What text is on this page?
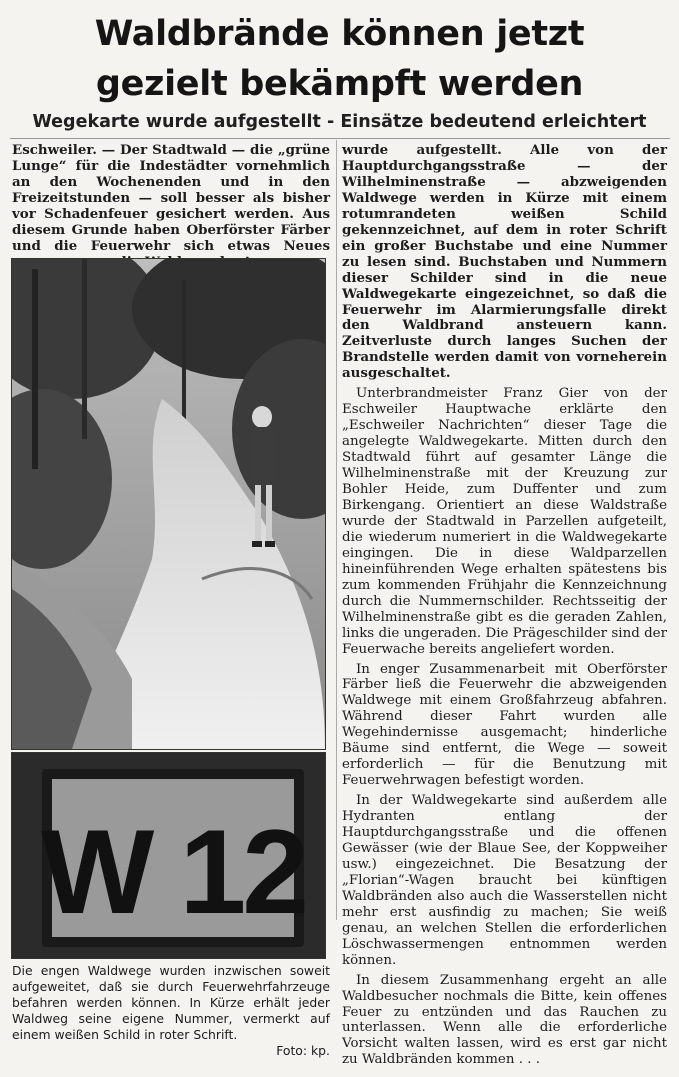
Waldbrände können jetzt
gezielt bekämpft werden
Wegekarte wurde aufgestellt - Einsätze bedeutend erleichtert

Eschweiler. — Der Stadtwald — die „grüne Lunge“ für die Indestädter vornehmlich an den Wochenenden und in den Freizeitstunden — soll besser als bisher vor Schadenfeuer gesichert werden. Aus diesem Grunde haben Oberförster Färber und die Feuerwehr sich etwas Neues

wurde aufgestellt. Alle von der Hauptdurchgangsstraße — der Wilhelminenstraße — abzweigenden Waldwege werden in Kürze mit einem rotumrandeten weißen Schild gekennzeichnet, auf dem in roter Schrift ein großer Buchstabe und eine Nummer zu lesen sind. Buchstaben und Nummern dieser Schilder sind in die neue Waldwegekarte eingezeichnet, so daß die Feuerwehr im Alarmierungsfalle direkt den Waldbrand ansteuern kann. Zeitverluste durch langes Suchen der Brandstelle werden damit von vorneherein ausgeschaltet.

Unterbrandmeister Franz Gier von der Eschweiler Hauptwache erklärte den „Eschweiler Nachrichten“ dieser Tage die angelegte Waldwegekarte. Mitten durch den Stadtwald führt auf gesamter Länge die Wilhelminenstraße mit der Kreuzung zur Bohler Heide, zum Duffenter und zum Birkengang. Orientiert an diese Waldstraße wurde der Stadtwald in Parzellen aufgeteilt, die wiederum numeriert in die Waldwegekarte eingingen. Die in diese Waldparzellen hineinführenden Wege erhalten spätestens bis zum kommenden Frühjahr die Kennzeichnung durch die Nummernschilder. Rechtsseitig der Wilhelminenstraße gibt es die geraden Zahlen, links die ungeraden. Die Prägeschilder sind der Feuerwache bereits angeliefert worden.

In enger Zusammenarbeit mit Oberförster Färber ließ die Feuerwehr die abzweigenden Waldwege mit einem Großfahrzeug abfahren. Während dieser Fahrt wurden alle Wegehindernisse ausgemacht; hinderliche Bäume sind entfernt, die Wege — soweit erforderlich — für die Benutzung mit Feuerwehrwagen befestigt worden.

In der Waldwegekarte sind außerdem alle Hydranten entlang der Hauptdurchgangsstraße und die offenen Gewässer (wie der Blaue See, der Koppweiher usw.) eingezeichnet. Die Besatzung der „Florian“-Wagen braucht bei künftigen Waldbränden also auch die Wasserstellen nicht mehr erst ausfindig zu machen; Sie weiß genau, an welchen Stellen die erforderlichen Löschwassermengen entnommen werden können.

In diesem Zusammenhang ergeht an alle Waldbesucher nochmals die Bitte, kein offenes Feuer zu entzünden und das Rauchen zu unterlassen. Wenn alle die erforderliche Vorsicht walten lassen, wird es erst gar nicht zu Waldbränden kommen . . .

W 12

Die engen Waldwege wurden inzwischen soweit aufgeweitet, daß sie durch Feuerwehrfahrzeuge befahren werden können. In Kürze erhält jeder Waldweg seine eigene Nummer, vermerkt auf einem weißen Schild in roter Schrift.
Foto: kp.
